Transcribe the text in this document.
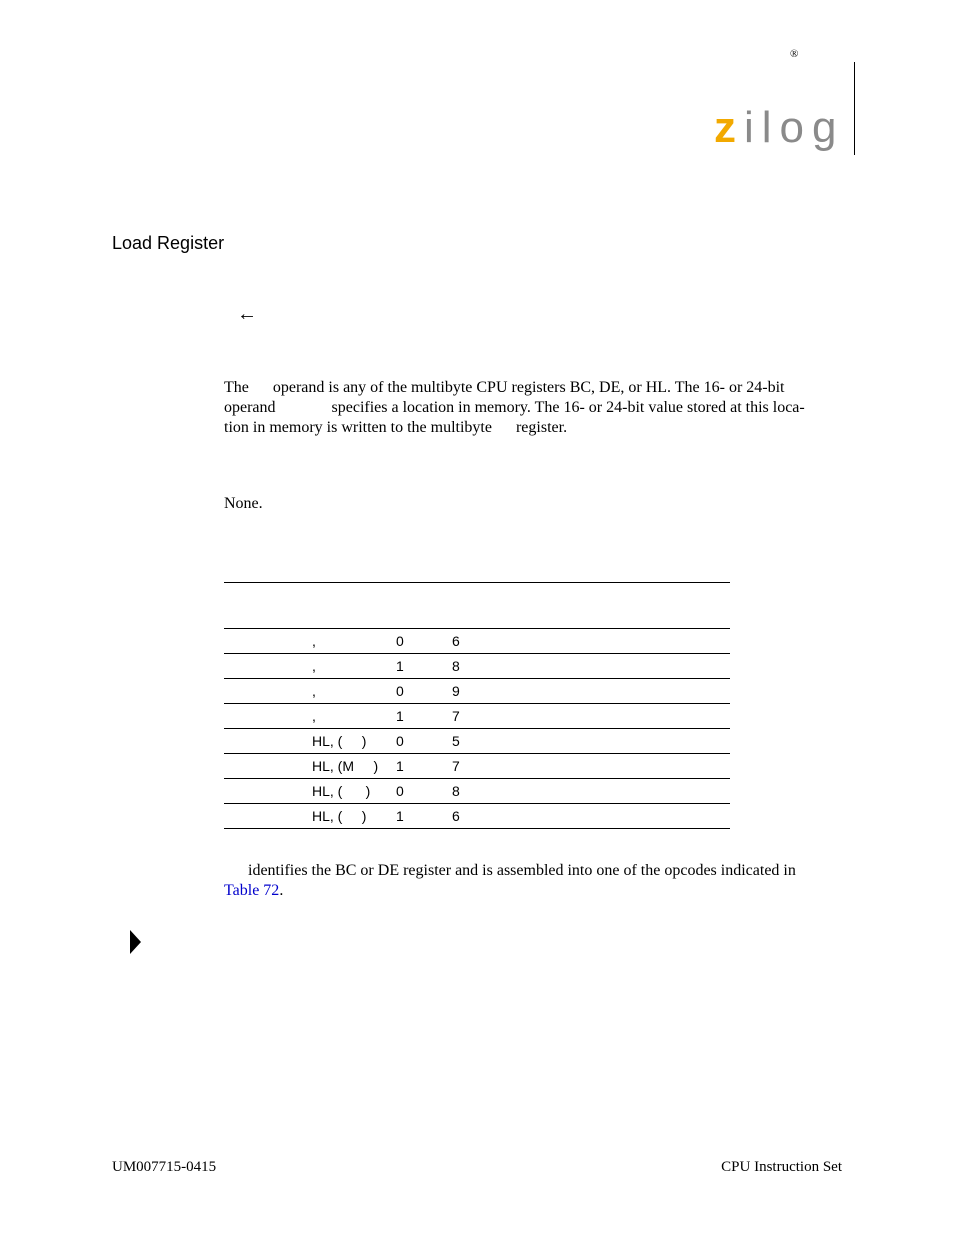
®
z ilog
Load Register
←
The      operand is any of the multibyte CPU registers BC, DE, or HL. The 16- or 24-bit
operand              specifies a location in memory. The 16- or 24-bit value stored at this loca-
tion in memory is written to the multibyte      register.
None.
,	0	6
,	1	8
,	0	9
,	1	7
HL, (     )	0	5
HL, (M     )	1	7
HL, (      )	0	8
HL, (     )	1	6
identifies the BC or DE register and is assembled into one of the opcodes indicated in
Table 72.
UM007715-0415	CPU Instruction Set
